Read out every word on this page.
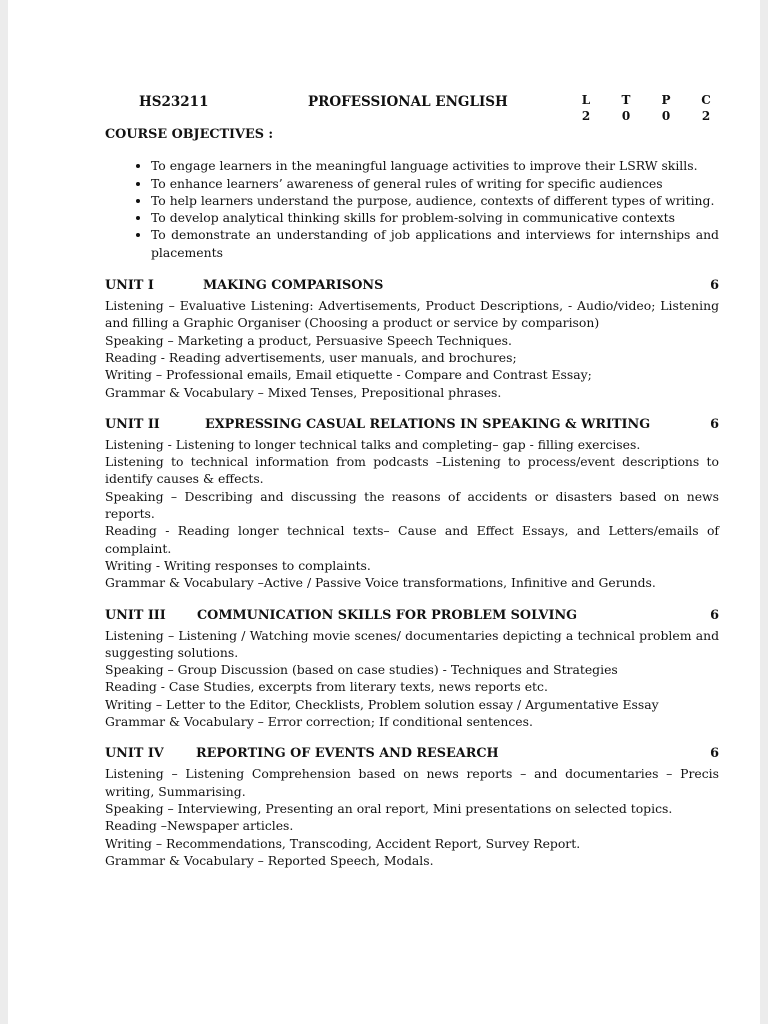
HS23211	PROFESSIONAL ENGLISH	L	T	P	C
2	0	0	2
COURSE OBJECTIVES :
• To engage learners in the meaningful language activities to improve their LSRW skills.
• To enhance learners’ awareness of general rules of writing for specific audiences
• To help learners understand the purpose, audience, contexts of different types of writing.
• To develop analytical thinking skills for problem-solving in communicative contexts
• To demonstrate an understanding of job applications and interviews for internships and placements
UNIT I	MAKING COMPARISONS	6
Listening – Evaluative Listening: Advertisements, Product Descriptions, - Audio/video; Listening and filling a Graphic Organiser (Choosing a product or service by comparison)
Speaking – Marketing a product, Persuasive Speech Techniques.
Reading - Reading advertisements, user manuals, and brochures;
Writing – Professional emails, Email etiquette - Compare and Contrast Essay;
Grammar & Vocabulary – Mixed Tenses, Prepositional phrases.
UNIT II	EXPRESSING CASUAL RELATIONS IN SPEAKING & WRITING	6
Listening - Listening to longer technical talks and completing– gap - filling exercises.
Listening to technical information from podcasts –Listening to process/event descriptions to identify causes & effects.
Speaking – Describing and discussing the reasons of accidents or disasters based on news reports.
Reading - Reading longer technical texts– Cause and Effect Essays, and Letters/emails of complaint.
Writing - Writing responses to complaints.
Grammar & Vocabulary –Active / Passive Voice transformations, Infinitive and Gerunds.
UNIT III COMMUNICATION SKILLS FOR PROBLEM SOLVING	6
Listening – Listening / Watching movie scenes/ documentaries depicting a technical problem and suggesting solutions.
Speaking – Group Discussion (based on case studies) - Techniques and Strategies
Reading - Case Studies, excerpts from literary texts, news reports etc.
Writing – Letter to the Editor, Checklists, Problem solution essay / Argumentative Essay
Grammar & Vocabulary – Error correction; If conditional sentences.
UNIT IV	REPORTING OF EVENTS AND RESEARCH	6
Listening – Listening Comprehension based on news reports – and documentaries – Precis writing, Summarising.
Speaking – Interviewing, Presenting an oral report, Mini presentations on selected topics.
Reading –Newspaper articles.
Writing – Recommendations, Transcoding, Accident Report, Survey Report.
Grammar & Vocabulary – Reported Speech, Modals.
